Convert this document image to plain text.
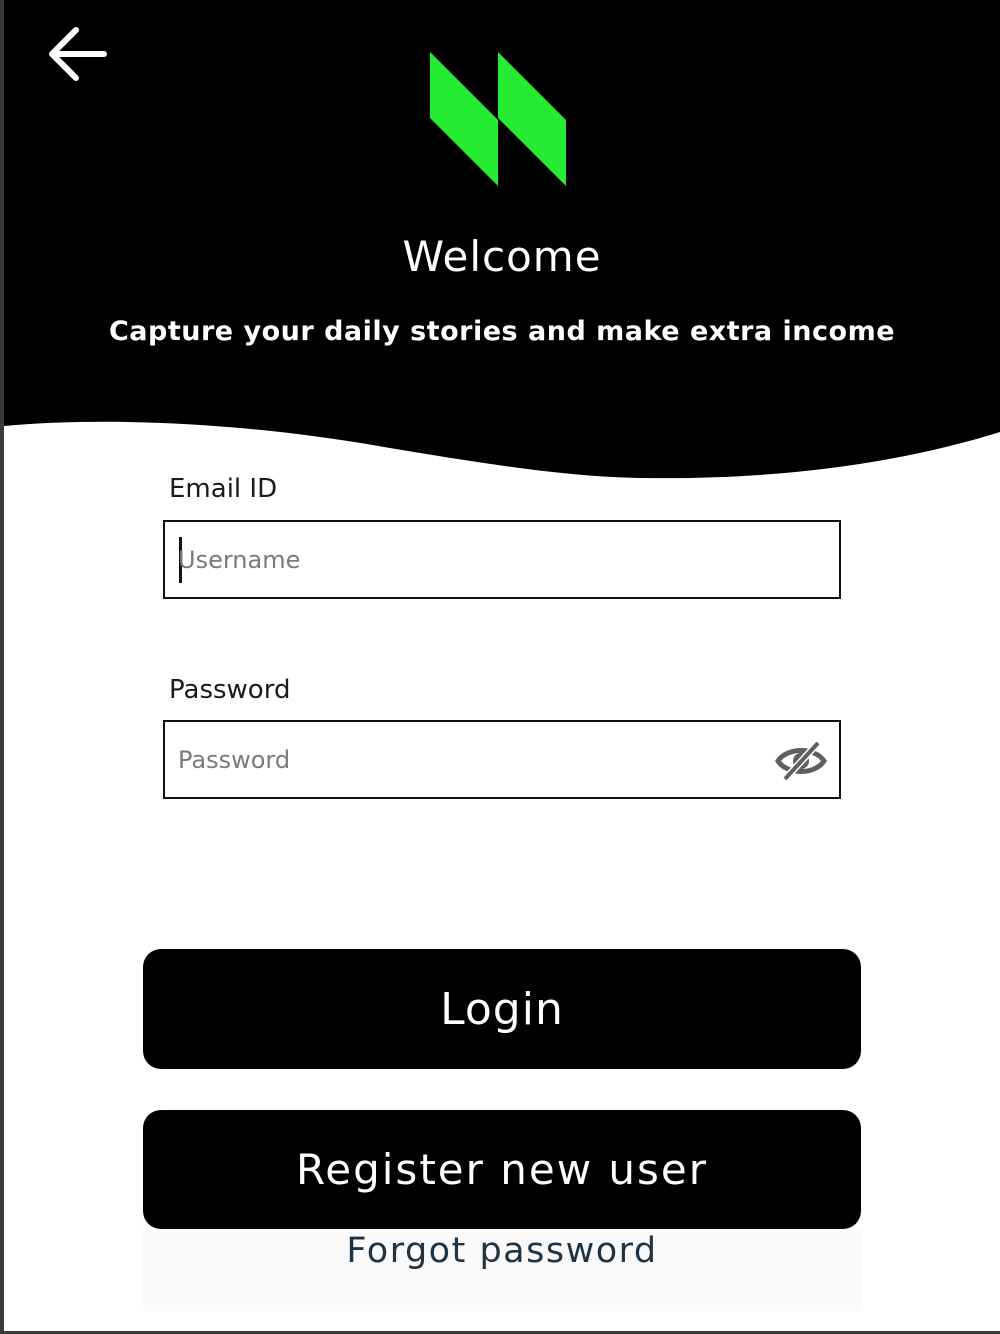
Welcome
Capture your daily stories and make extra income
Email ID
Username
Password
Login
Register new user
Forgot password
